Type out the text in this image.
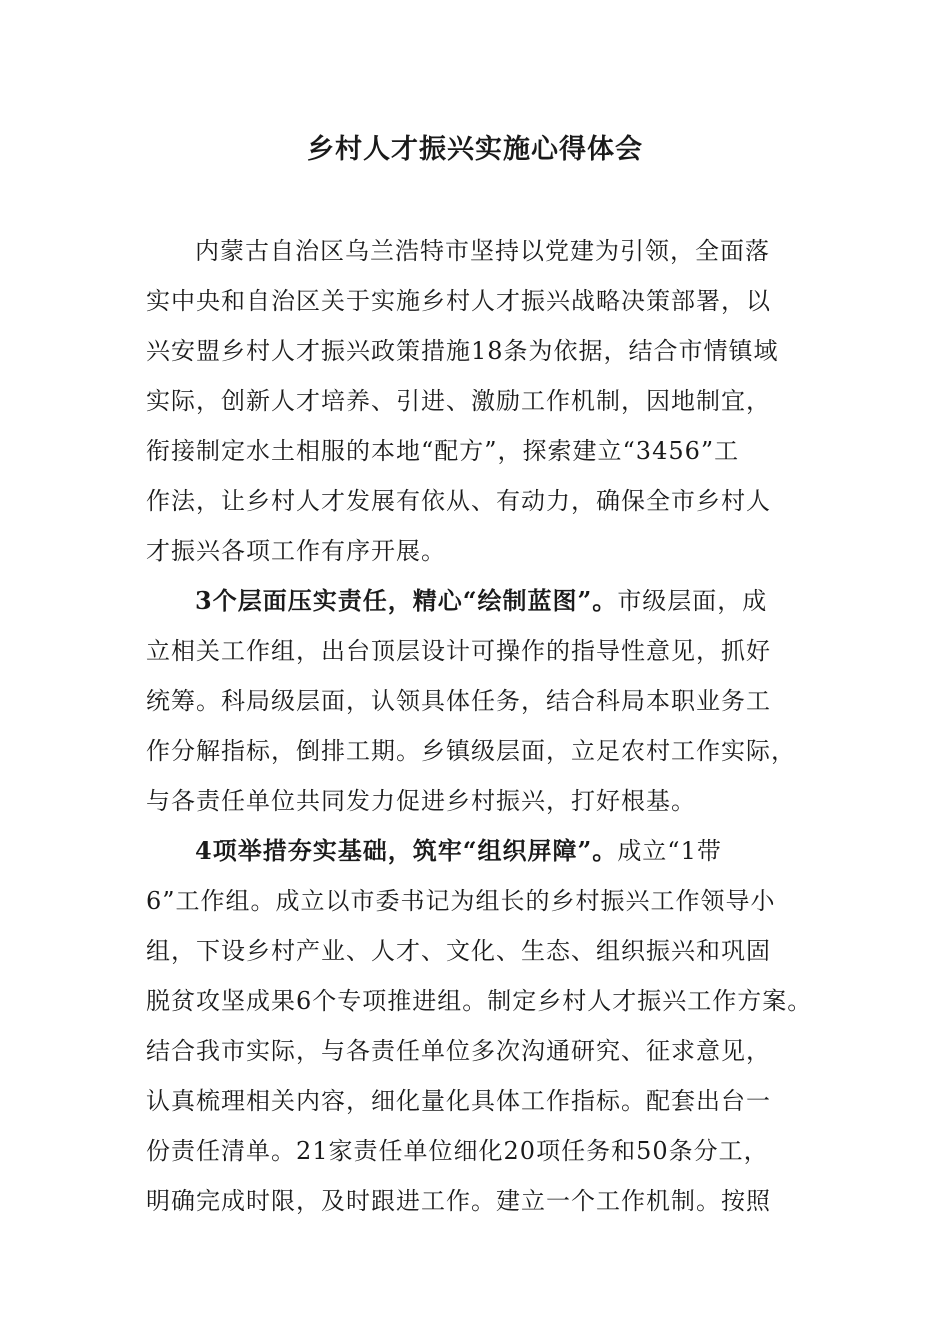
乡村人才振兴实施心得体会
内蒙古自治区乌兰浩特市坚持以党建为引领，全面落
实中央和自治区关于实施乡村人才振兴战略决策部署，以
兴安盟乡村人才振兴政策措施18条为依据，结合市情镇域
实际，创新人才培养、引进、激励工作机制，因地制宜，
衔接制定水土相服的本地“配方”，探索建立“3456”工
作法，让乡村人才发展有依从、有动力，确保全市乡村人
才振兴各项工作有序开展。
3个层面压实责任，精心“绘制蓝图”。市级层面，成
立相关工作组，出台顶层设计可操作的指导性意见，抓好
统筹。科局级层面，认领具体任务，结合科局本职业务工
作分解指标，倒排工期。乡镇级层面，立足农村工作实际，
与各责任单位共同发力促进乡村振兴，打好根基。
4项举措夯实基础，筑牢“组织屏障”。成立“1带
6”工作组。成立以市委书记为组长的乡村振兴工作领导小
组，下设乡村产业、人才、文化、生态、组织振兴和巩固
脱贫攻坚成果6个专项推进组。制定乡村人才振兴工作方案。
结合我市实际，与各责任单位多次沟通研究、征求意见，
认真梳理相关内容，细化量化具体工作指标。配套出台一
份责任清单。21家责任单位细化20项任务和50条分工，
明确完成时限，及时跟进工作。建立一个工作机制。按照
